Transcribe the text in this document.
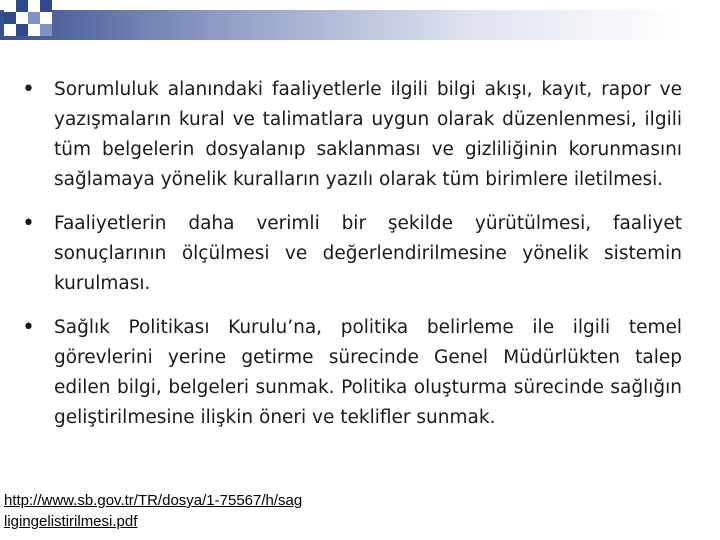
•	Sorumluluk alanındaki faaliyetlerle ilgili bilgi akışı, kayıt, rapor ve yazışmaların kural ve talimatlara uygun olarak düzenlenmesi, ilgili tüm belgelerin dosyalanıp saklanması ve gizliliğinin korunmasını sağlamaya yönelik kuralların yazılı olarak tüm birimlere iletilmesi.
•	Faaliyetlerin daha verimli bir şekilde yürütülmesi, faaliyet sonuçlarının ölçülmesi ve değerlendirilmesine yönelik sistemin kurulması.
•	Sağlık Politikası Kurulu’na, politika belirleme ile ilgili temel görevlerini yerine getirme sürecinde Genel Müdürlükten talep edilen bilgi, belgeleri sunmak. Politika oluşturma sürecinde sağlığın geliştirilmesine ilişkin öneri ve teklifler sunmak.
http://www.sb.gov.tr/TR/dosya/1-75567/h/sagligingelistirilmesi.pdf
